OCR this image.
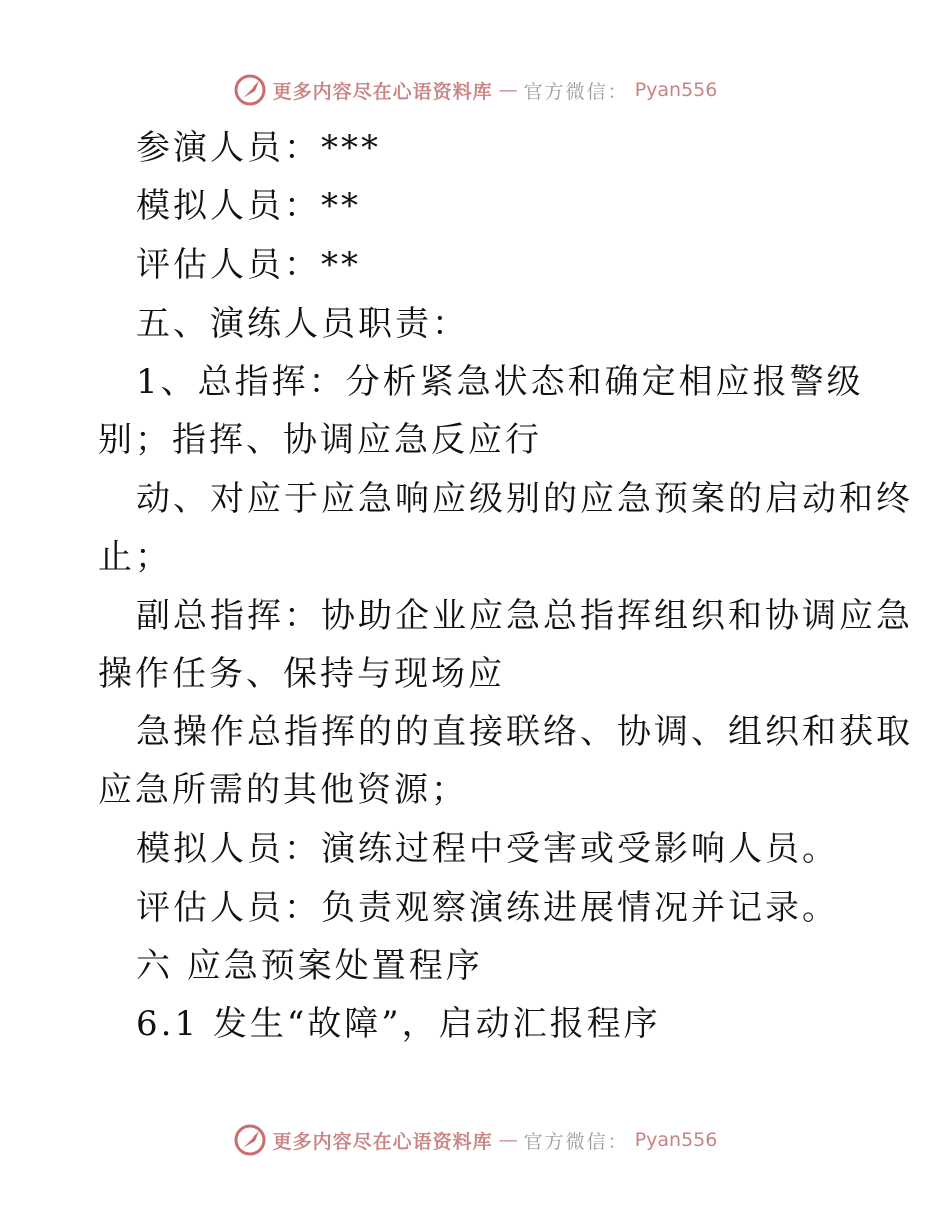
更多内容尽在心语资料库 — 官方微信： Pyan556
参演人员：***
模拟人员：**
评估人员：**
五、演练人员职责：
1、总指挥：分析紧急状态和确定相应报警级
别；指挥、协调应急反应行
动、对应于应急响应级别的应急预案的启动和终
止；
副总指挥：协助企业应急总指挥组织和协调应急
操作任务、保持与现场应
急操作总指挥的的直接联络、协调、组织和获取
应急所需的其他资源；
模拟人员：演练过程中受害或受影响人员。
评估人员：负责观察演练进展情况并记录。
六 应急预案处置程序
6.1 发生“故障”，启动汇报程序
更多内容尽在心语资料库 — 官方微信： Pyan556
